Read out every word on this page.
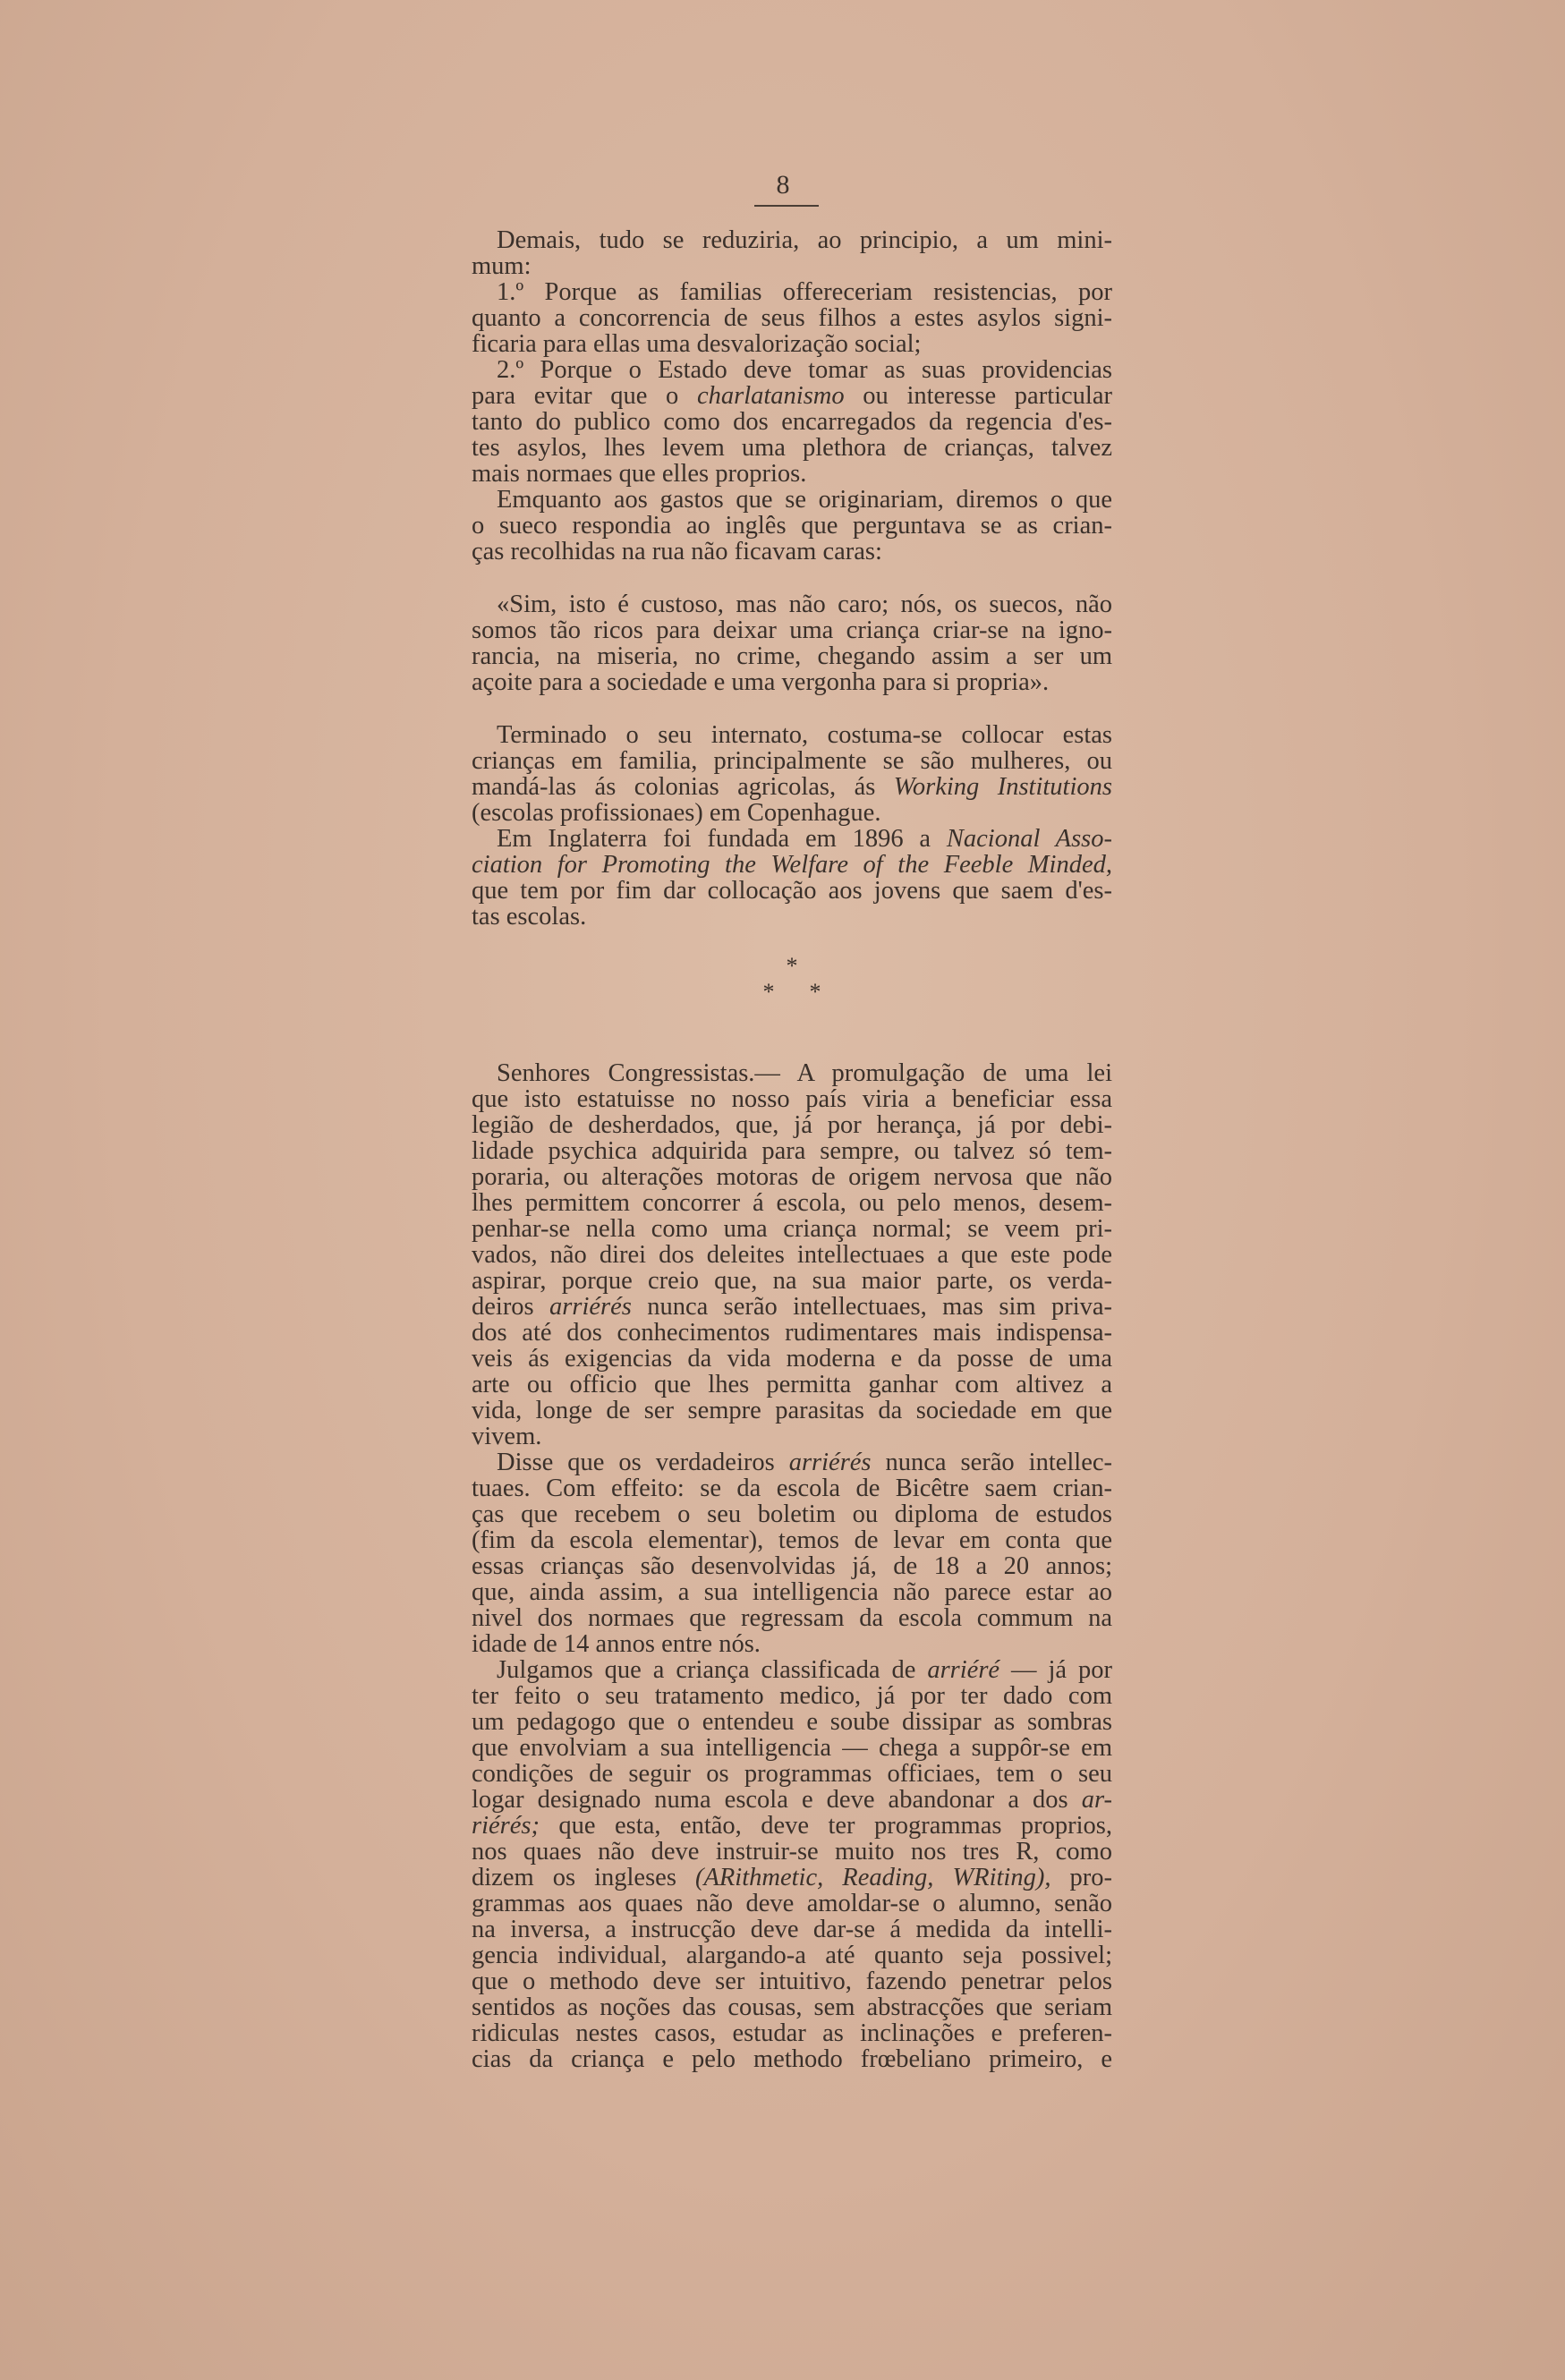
8
Demais, tudo se reduziria, ao principio, a um mini-
mum:
1.º Porque as familias offereceriam resistencias, por
quanto a concorrencia de seus filhos a estes asylos signi-
ficaria para ellas uma desvalorização social;
2.º Porque o Estado deve tomar as suas providencias
para evitar que o charlatanismo ou interesse particular
tanto do publico como dos encarregados da regencia d'es-
tes asylos, lhes levem uma plethora de crianças, talvez
mais normaes que elles proprios.
Emquanto aos gastos que se originariam, diremos o que
o sueco respondia ao inglês que perguntava se as crian-
ças recolhidas na rua não ficavam caras:
«Sim, isto é custoso, mas não caro; nós, os suecos, não
somos tão ricos para deixar uma criança criar-se na igno-
rancia, na miseria, no crime, chegando assim a ser um
açoite para a sociedade e uma vergonha para si propria».
Terminado o seu internato, costuma-se collocar estas
crianças em familia, principalmente se são mulheres, ou
mandá-las ás colonias agricolas, ás Working Institutions
(escolas profissionaes) em Copenhague.
Em Inglaterra foi fundada em 1896 a Nacional Asso-
ciation for Promoting the Welfare of the Feeble Minded,
que tem por fim dar collocação aos jovens que saem d'es-
tas escolas.
*
*      *
Senhores Congressistas.— A promulgação de uma lei
que isto estatuisse no nosso país viria a beneficiar essa
legião de desherdados, que, já por herança, já por debi-
lidade psychica adquirida para sempre, ou talvez só tem-
poraria, ou alterações motoras de origem nervosa que não
lhes permittem concorrer á escola, ou pelo menos, desem-
penhar-se nella como uma criança normal; se veem pri-
vados, não direi dos deleites intellectuaes a que este pode
aspirar, porque creio que, na sua maior parte, os verda-
deiros arriérés nunca serão intellectuaes, mas sim priva-
dos até dos conhecimentos rudimentares mais indispensa-
veis ás exigencias da vida moderna e da posse de uma
arte ou officio que lhes permitta ganhar com altivez a
vida, longe de ser sempre parasitas da sociedade em que
vivem.
Disse que os verdadeiros arriérés nunca serão intellec-
tuaes. Com effeito: se da escola de Bicêtre saem crian-
ças que recebem o seu boletim ou diploma de estudos
(fim da escola elementar), temos de levar em conta que
essas crianças são desenvolvidas já, de 18 a 20 annos;
que, ainda assim, a sua intelligencia não parece estar ao
nivel dos normaes que regressam da escola commum na
idade de 14 annos entre nós.
Julgamos que a criança classificada de arriéré — já por
ter feito o seu tratamento medico, já por ter dado com
um pedagogo que o entendeu e soube dissipar as sombras
que envolviam a sua intelligencia — chega a suppôr-se em
condições de seguir os programmas officiaes, tem o seu
logar designado numa escola e deve abandonar a dos ar-
riérés; que esta, então, deve ter programmas proprios,
nos quaes não deve instruir-se muito nos tres R, como
dizem os ingleses (ARithmetic, Reading, WRiting), pro-
grammas aos quaes não deve amoldar-se o alumno, senão
na inversa, a instrucção deve dar-se á medida da intelli-
gencia individual, alargando-a até quanto seja possivel;
que o methodo deve ser intuitivo, fazendo penetrar pelos
sentidos as noções das cousas, sem abstracções que seriam
ridiculas nestes casos, estudar as inclinações e preferen-
cias da criança e pelo methodo frœbeliano primeiro, e
